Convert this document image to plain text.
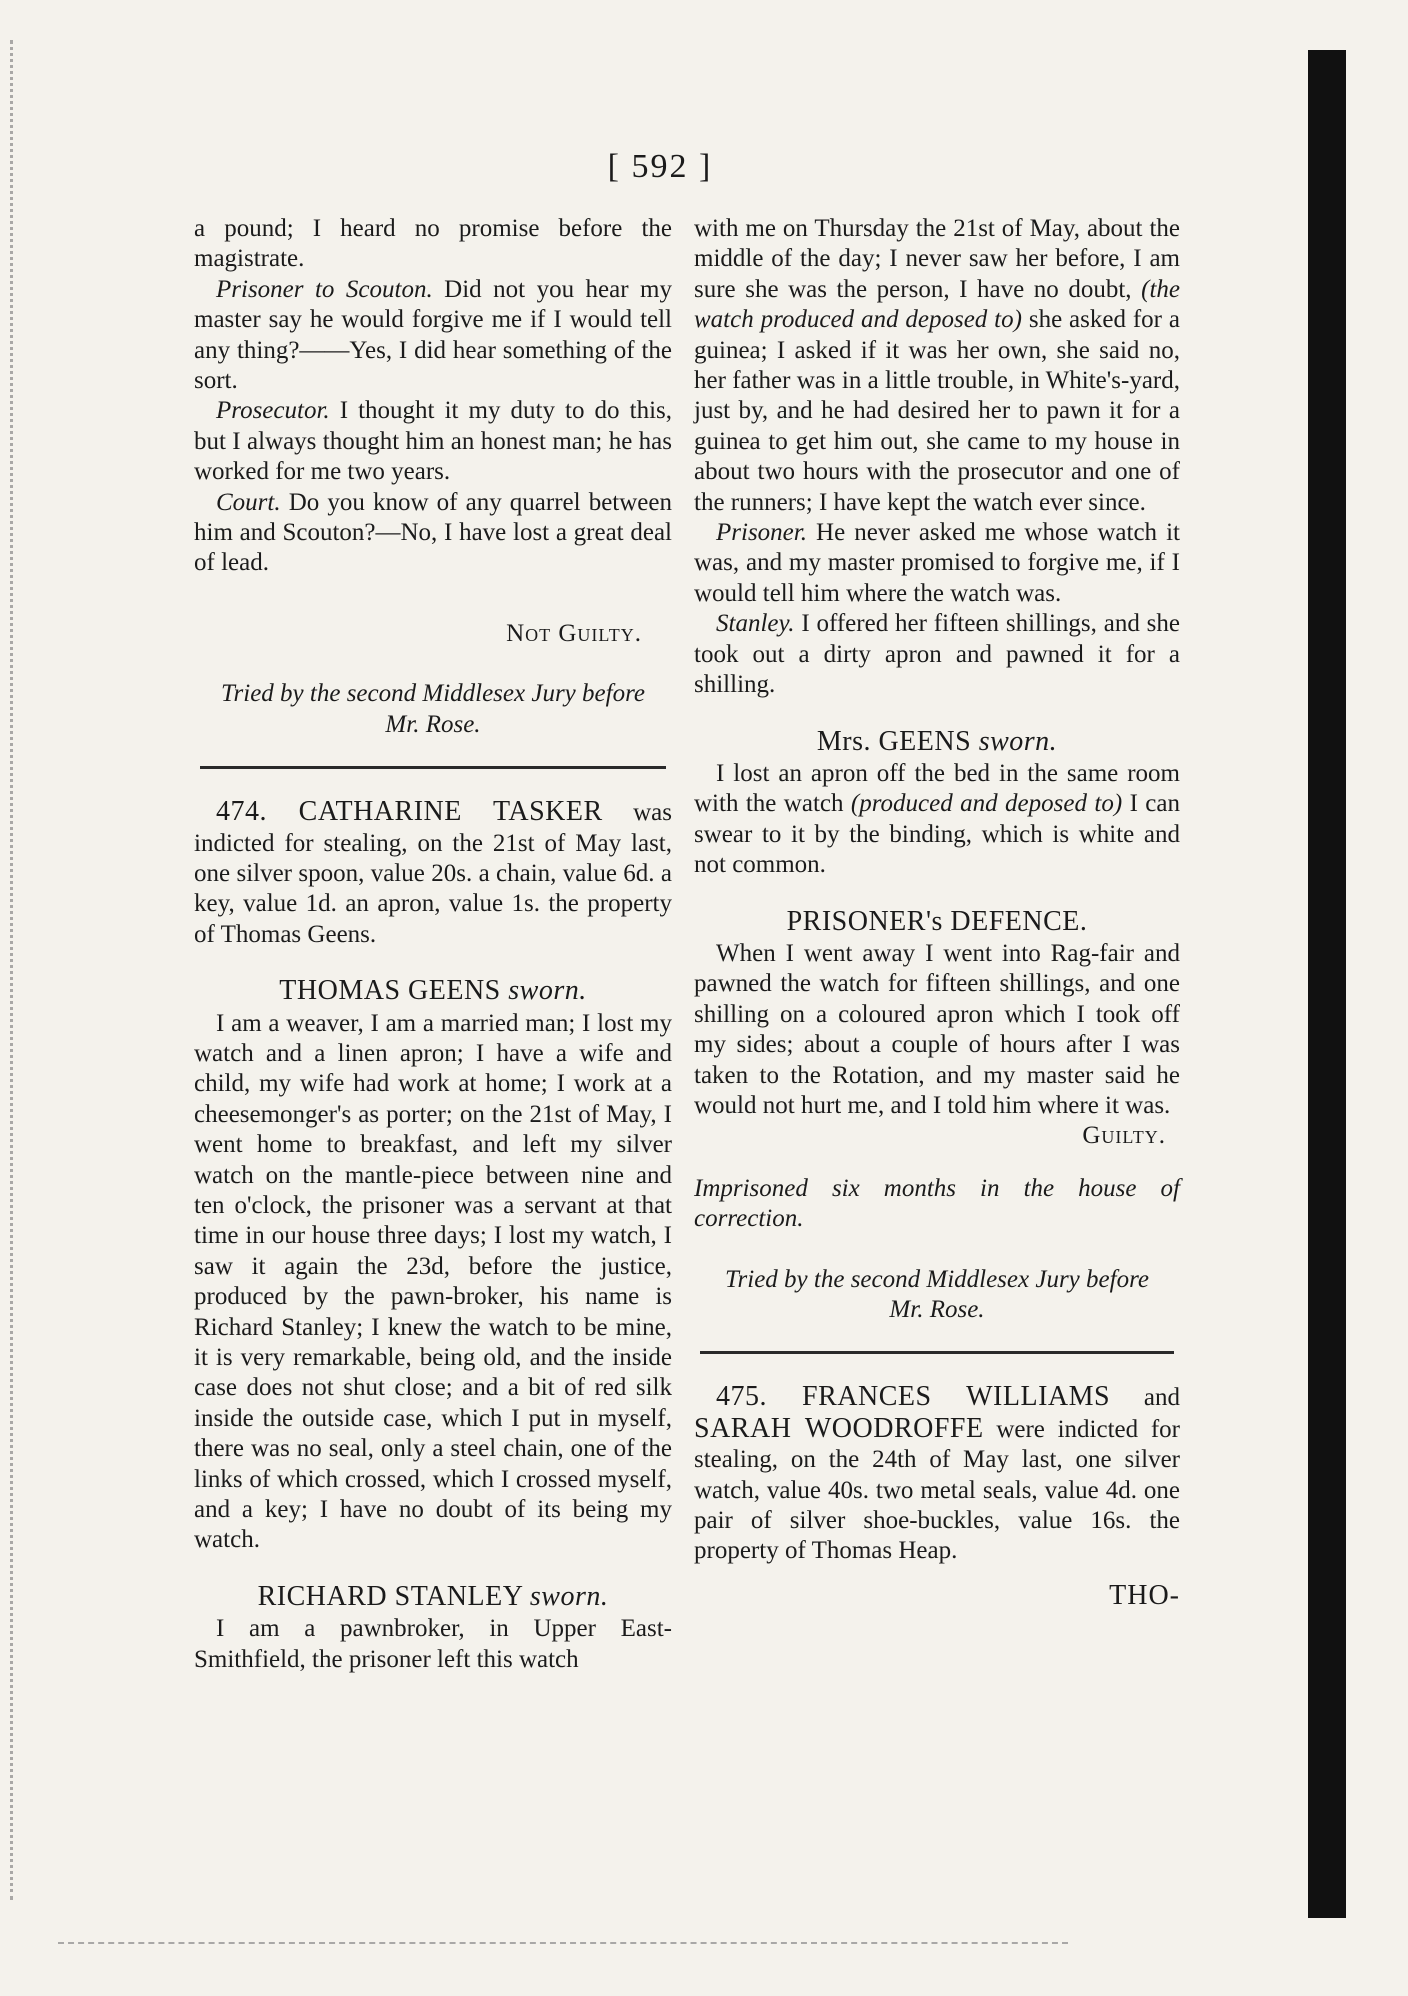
[ 592 ]

a pound; I heard no promise before the magistrate.

Prisoner to Scouton. Did not you hear my master say he would forgive me if I would tell any thing?——Yes, I did hear something of the sort.

Prosecutor. I thought it my duty to do this, but I always thought him an honest man; he has worked for me two years.

Court. Do you know of any quarrel between him and Scouton?—No, I have lost a great deal of lead.

Not Guilty.

Tried by the second Middlesex Jury before
Mr. Rose.

474. CATHARINE TASKER was indicted for stealing, on the 21st of May last, one silver spoon, value 20s. a chain, value 6d. a key, value 1d. an apron, value 1s. the property of Thomas Geens.

THOMAS GEENS sworn.

I am a weaver, I am a married man; I lost my watch and a linen apron; I have a wife and child, my wife had work at home; I work at a cheesemonger's as porter; on the 21st of May, I went home to breakfast, and left my silver watch on the mantle-piece between nine and ten o'clock, the prisoner was a servant at that time in our house three days; I lost my watch, I saw it again the 23d, before the justice, produced by the pawn-broker, his name is Richard Stanley; I knew the watch to be mine, it is very remarkable, being old, and the inside case does not shut close; and a bit of red silk inside the outside case, which I put in myself, there was no seal, only a steel chain, one of the links of which crossed, which I crossed myself, and a key; I have no doubt of its being my watch.

RICHARD STANLEY sworn.

I am a pawnbroker, in Upper East-Smithfield, the prisoner left this watch

with me on Thursday the 21st of May, about the middle of the day; I never saw her before, I am sure she was the person, I have no doubt, (the watch produced and deposed to) she asked for a guinea; I asked if it was her own, she said no, her father was in a little trouble, in White's-yard, just by, and he had desired her to pawn it for a guinea to get him out, she came to my house in about two hours with the prosecutor and one of the runners; I have kept the watch ever since.

Prisoner. He never asked me whose watch it was, and my master promised to forgive me, if I would tell him where the watch was.

Stanley. I offered her fifteen shillings, and she took out a dirty apron and pawned it for a shilling.

Mrs. GEENS sworn.

I lost an apron off the bed in the same room with the watch (produced and deposed to) I can swear to it by the binding, which is white and not common.

PRISONER's DEFENCE.

When I went away I went into Rag-fair and pawned the watch for fifteen shillings, and one shilling on a coloured apron which I took off my sides; about a couple of hours after I was taken to the Rotation, and my master said he would not hurt me, and I told him where it was.

Guilty.

Imprisoned six months in the house of correction.

Tried by the second Middlesex Jury before
Mr. Rose.

475. FRANCES WILLIAMS and SARAH WOODROFFE were indicted for stealing, on the 24th of May last, one silver watch, value 40s. two metal seals, value 4d. one pair of silver shoe-buckles, value 16s. the property of Thomas Heap.

THO-
